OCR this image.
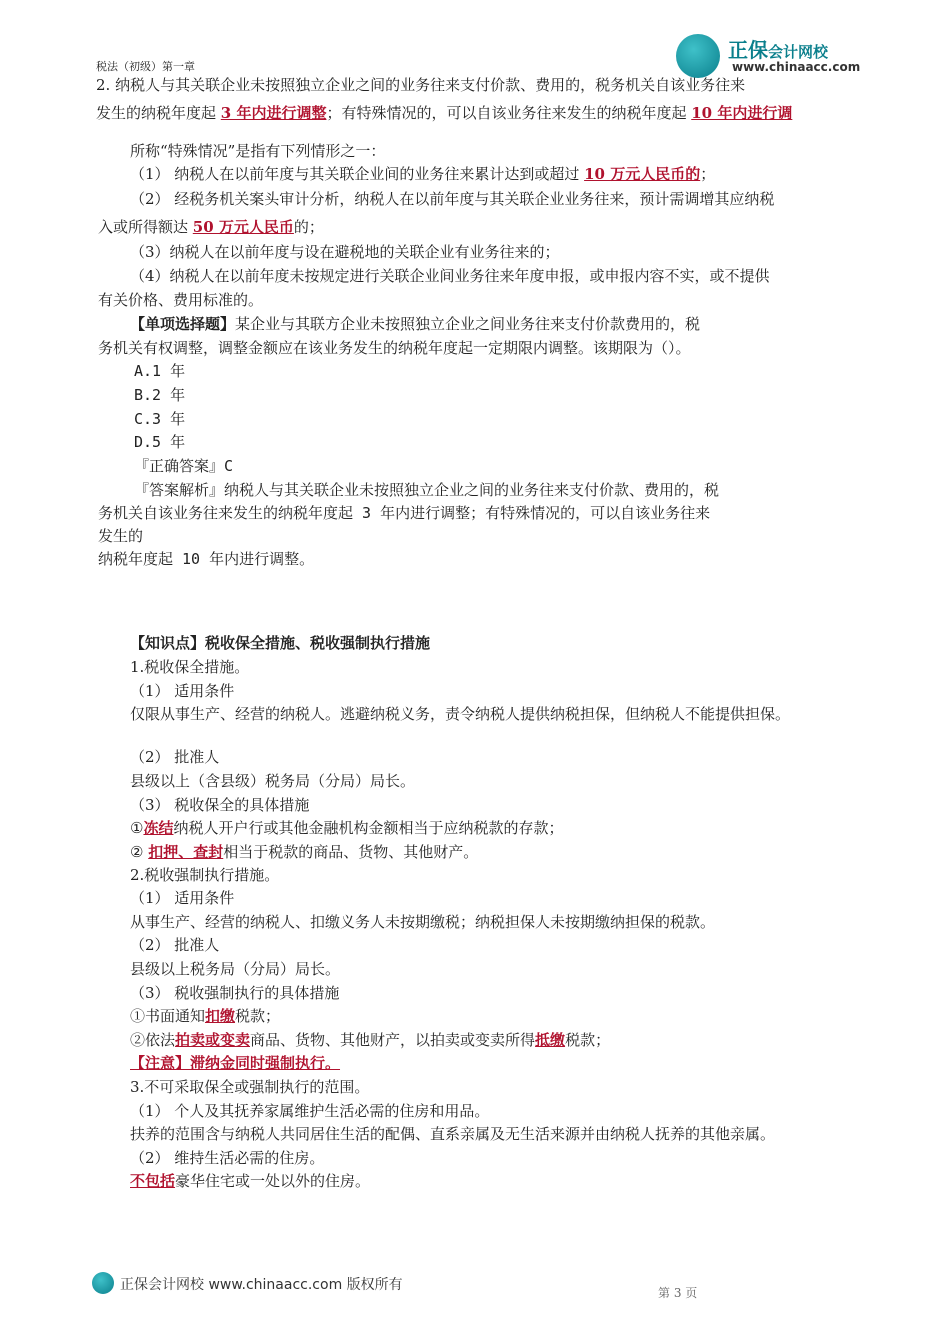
正保会计网校
www.chinaacc.com
税法（初级）第一章
2. 纳税人与其关联企业未按照独立企业之间的业务往来支付价款、费用的，税务机关自该业务往来
发生的纳税年度起 3 年内进行调整；有特殊情况的，可以自该业务往来发生的纳税年度起 10 年内进行调
所称“特殊情况”是指有下列情形之一：
（1） 纳税人在以前年度与其关联企业间的业务往来累计达到或超过 10 万元人民币的；
（2） 经税务机关案头审计分析，纳税人在以前年度与其关联企业业务往来，预计需调增其应纳税
入或所得额达 50 万元人民币的；
（3）纳税人在以前年度与设在避税地的关联企业有业务往来的；
（4）纳税人在以前年度未按规定进行关联企业间业务往来年度申报，或申报内容不实，或不提供
有关价格、费用标准的。
【单项选择题】某企业与其联方企业未按照独立企业之间业务往来支付价款费用的，税
务机关有权调整，调整金额应在该业务发生的纳税年度起一定期限内调整。该期限为（）。
A.1 年
B.2 年
C.3 年
D.5 年
『正确答案』C
『答案解析』纳税人与其关联企业未按照独立企业之间的业务往来支付价款、费用的，税
务机关自该业务往来发生的纳税年度起 3 年内进行调整；有特殊情况的，可以自该业务往来
发生的
纳税年度起 10 年内进行调整。
【知识点】税收保全措施、税收强制执行措施
1.税收保全措施。
（1） 适用条件
仅限从事生产、经营的纳税人。逃避纳税义务，责令纳税人提供纳税担保，但纳税人不能提供担保。
（2） 批准人
县级以上（含县级）税务局（分局）局长。
（3） 税收保全的具体措施
①冻结纳税人开户行或其他金融机构金额相当于应纳税款的存款；
② 扣押、查封相当于税款的商品、货物、其他财产。
2.税收强制执行措施。
（1） 适用条件
从事生产、经营的纳税人、扣缴义务人未按期缴税；纳税担保人未按期缴纳担保的税款。
（2） 批准人
县级以上税务局（分局）局长。
（3） 税收强制执行的具体措施
①书面通知扣缴税款；
②依法拍卖或变卖商品、货物、其他财产，以拍卖或变卖所得抵缴税款；
【注意】滞纳金同时强制执行。
3.不可采取保全或强制执行的范围。
（1） 个人及其抚养家属维护生活必需的住房和用品。
扶养的范围含与纳税人共同居住生活的配偶、直系亲属及无生活来源并由纳税人抚养的其他亲属。
（2） 维持生活必需的住房。
不包括豪华住宅或一处以外的住房。
正保会计网校 www.chinaacc.com 版权所有	第 3 页
